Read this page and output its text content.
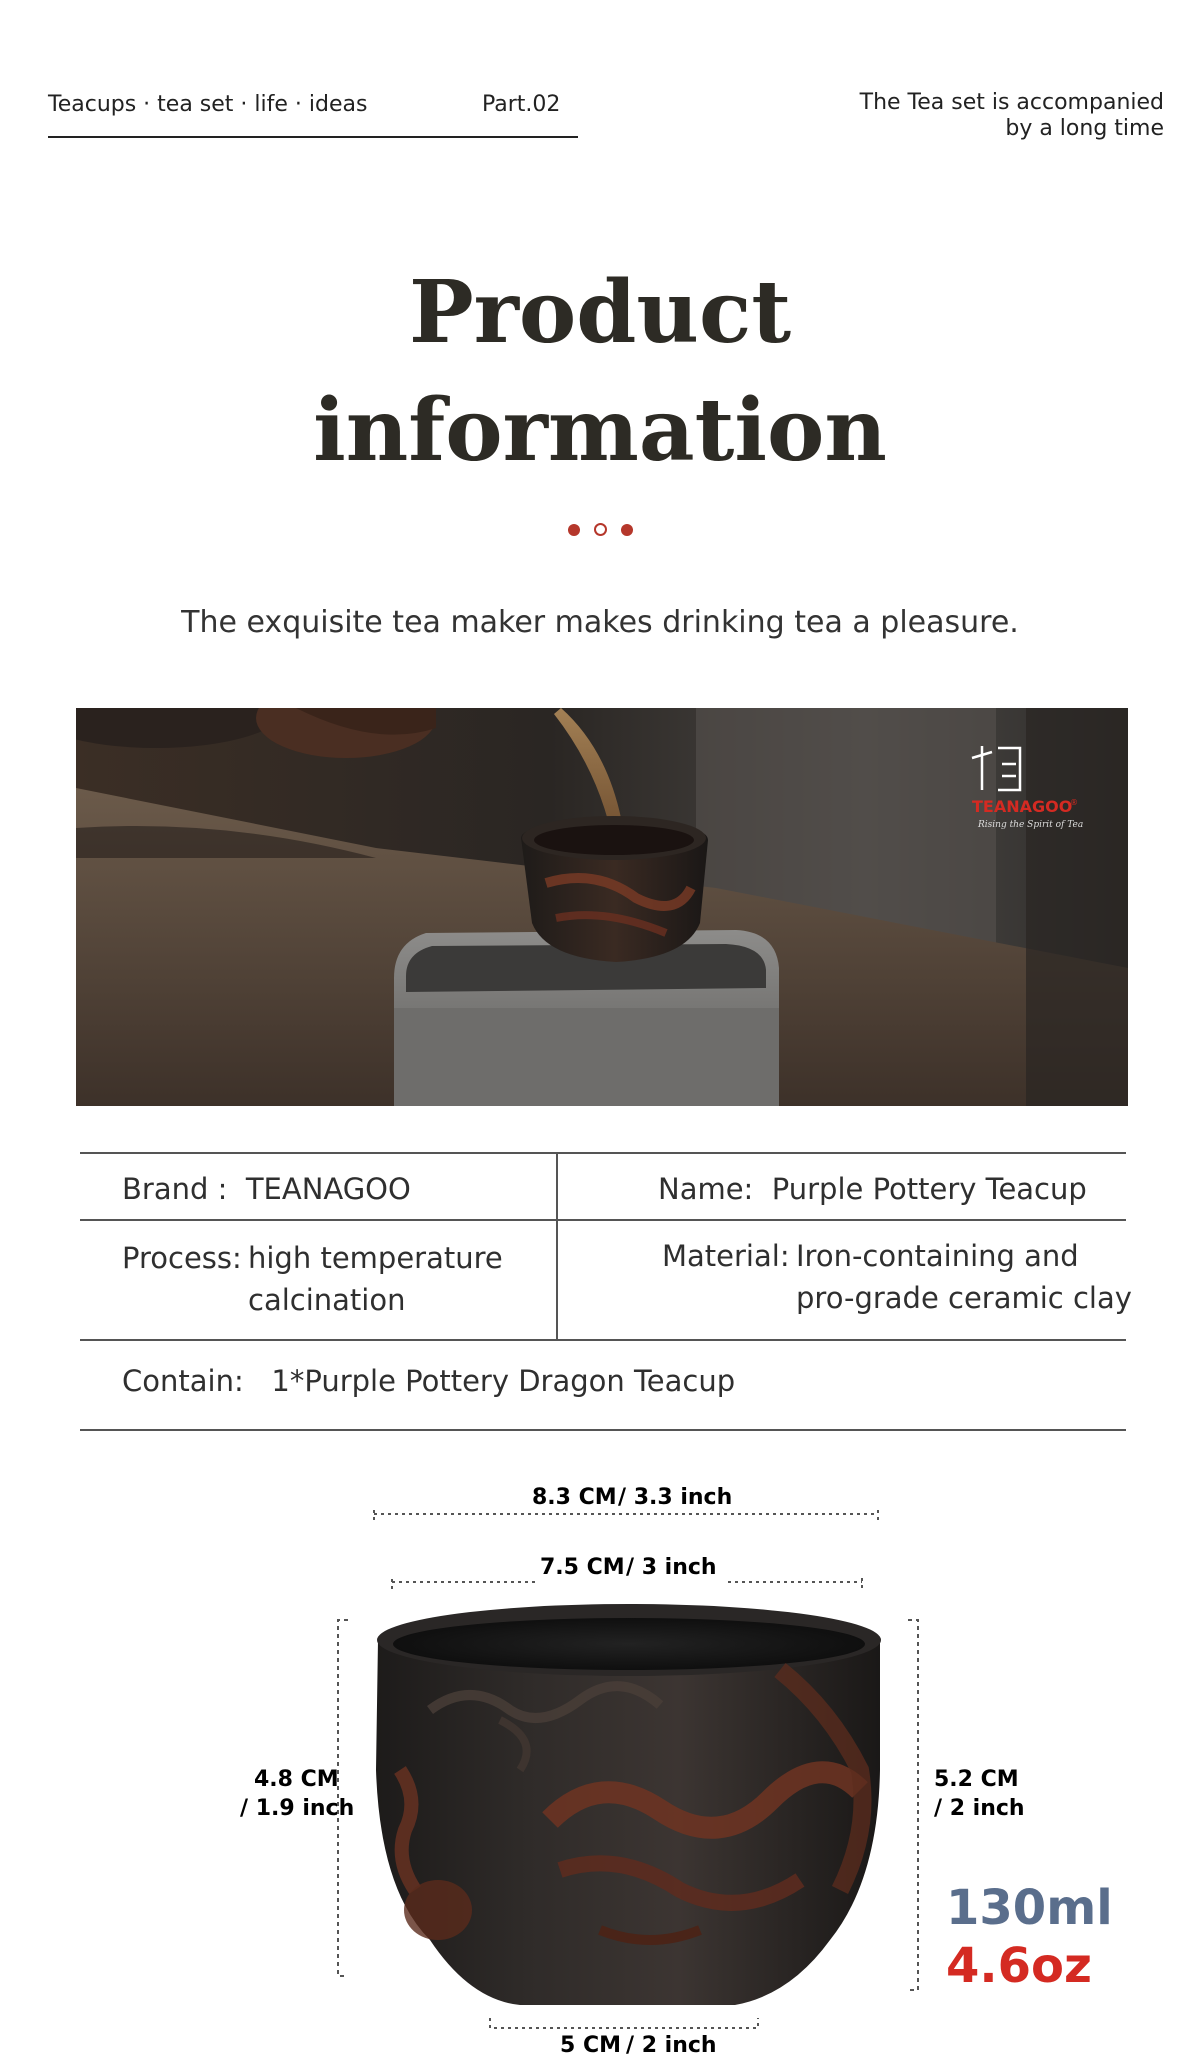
Teacups · tea set · life · ideas	Part.02	The Tea set is accompanied
by a long time
Product
information
The exquisite tea maker makes drinking tea a pleasure.
TEANAGOO
®
Rising the Spirit of Tea
Brand : TEANAGOO	Name: Purple Pottery Teacup
Process: high temperature
calcination
Material: Iron-containing and
pro-grade ceramic clay
Contain: 1*Purple Pottery Dragon Teacup
8.3 CM / 3.3 inch
7.5 CM / 3 inch
4.8 CM
/ 1.9 inch
5.2 CM
/ 2 inch
5 CM / 2 inch
130ml
4.6oz
